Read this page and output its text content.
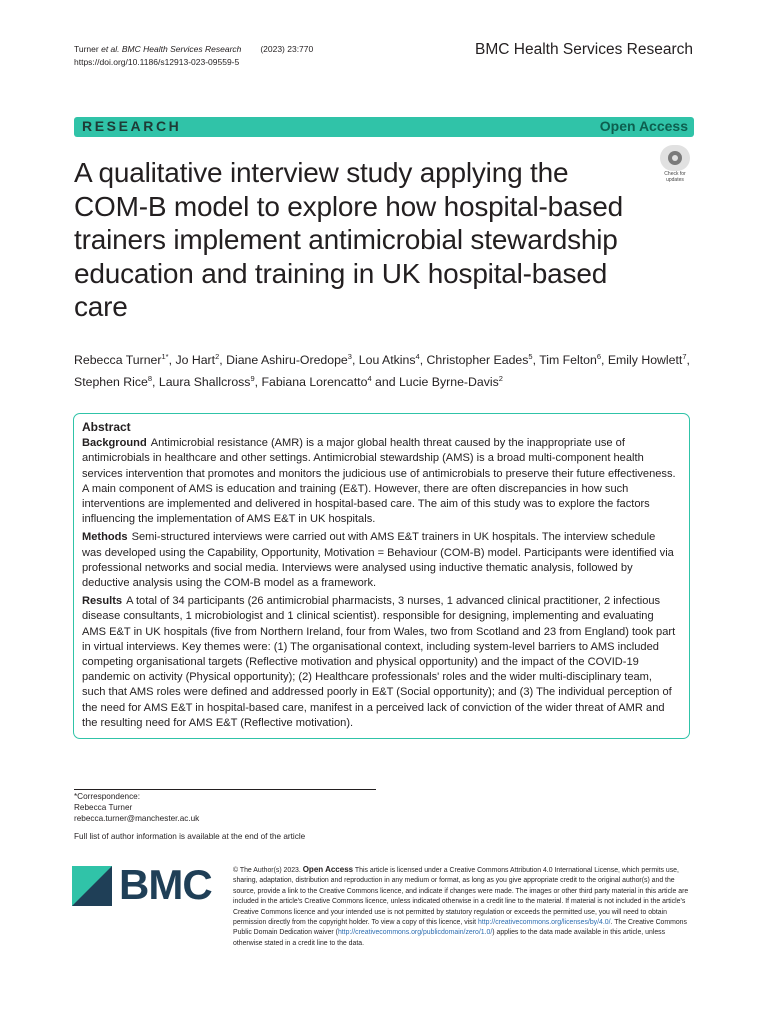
Turner et al. BMC Health Services Research (2023) 23:770
https://doi.org/10.1186/s12913-023-09559-5
BMC Health Services Research
RESEARCH	Open Access
Check for
updates
A qualitative interview study applying the COM-B model to explore how hospital-based trainers implement antimicrobial stewardship education and training in UK hospital-based care
Rebecca Turner$^{1*}$, Jo Hart$^2$, Diane Ashiru-Oredope$^3$, Lou Atkins$^4$, Christopher Eades$^5$, Tim Felton$^6$, Emily Howlett$^7$, Stephen Rice$^8$, Laura Shallcross$^9$, Fabiana Lorencatto$^4$ and Lucie Byrne-Davis$^2$
Abstract

Background Antimicrobial resistance (AMR) is a major global health threat caused by the inappropriate use of antimicrobials in healthcare and other settings. Antimicrobial stewardship (AMS) is a broad multi-component health services intervention that promotes and monitors the judicious use of antimicrobials to preserve their future effectiveness. A main component of AMS is education and training (E&T). However, there are often discrepancies in how such interventions are implemented and delivered in hospital-based care. The aim of this study was to explore the factors influencing the implementation of AMS E&T in UK hospitals.

Methods Semi-structured interviews were carried out with AMS E&T trainers in UK hospitals. The interview schedule was developed using the Capability, Opportunity, Motivation = Behaviour (COM-B) model. Participants were identified via professional networks and social media. Interviews were analysed using inductive thematic analysis, followed by deductive analysis using the COM-B model as a framework.

Results A total of 34 participants (26 antimicrobial pharmacists, 3 nurses, 1 advanced clinical practitioner, 2 infectious disease consultants, 1 microbiologist and 1 clinical scientist). responsible for designing, implementing and evaluating AMS E&T in UK hospitals (five from Northern Ireland, four from Wales, two from Scotland and 23 from England) took part in virtual interviews. Key themes were: (1) The organisational context, including system-level barriers to AMS included competing organisational targets (Reflective motivation and physical opportunity) and the impact of the COVID-19 pandemic on activity (Physical opportunity); (2) Healthcare professionals' roles and the wider multi-disciplinary team, such that AMS roles were defined and addressed poorly in E&T (Social opportunity); and (3) The individual perception of the need for AMS E&T in hospital-based care, manifest in a perceived lack of conviction of the wider threat of AMR and the resulting need for AMS E&T (Reflective motivation).

*Correspondence:
Rebecca Turner
rebecca.turner@manchester.ac.uk
Full list of author information is available at the end of the article
BMC	© The Author(s) 2023. Open Access This article is licensed under a Creative Commons Attribution 4.0 International License, which permits use, sharing, adaptation, distribution and reproduction in any medium or format, as long as you give appropriate credit to the original author(s) and the source, provide a link to the Creative Commons licence, and indicate if changes were made. The images or other third party material in this article are included in the article's Creative Commons licence, unless indicated otherwise in a credit line to the material. If material is not included in the article's Creative Commons licence and your intended use is not permitted by statutory regulation or exceeds the permitted use, you will need to obtain permission directly from the copyright holder. To view a copy of this licence, visit http://creativecommons.org/licenses/by/4.0/. The Creative Commons Public Domain Dedication waiver (http://creativecommons.org/publicdomain/zero/1.0/) applies to the data made available in this article, unless otherwise stated in a credit line to the data.
